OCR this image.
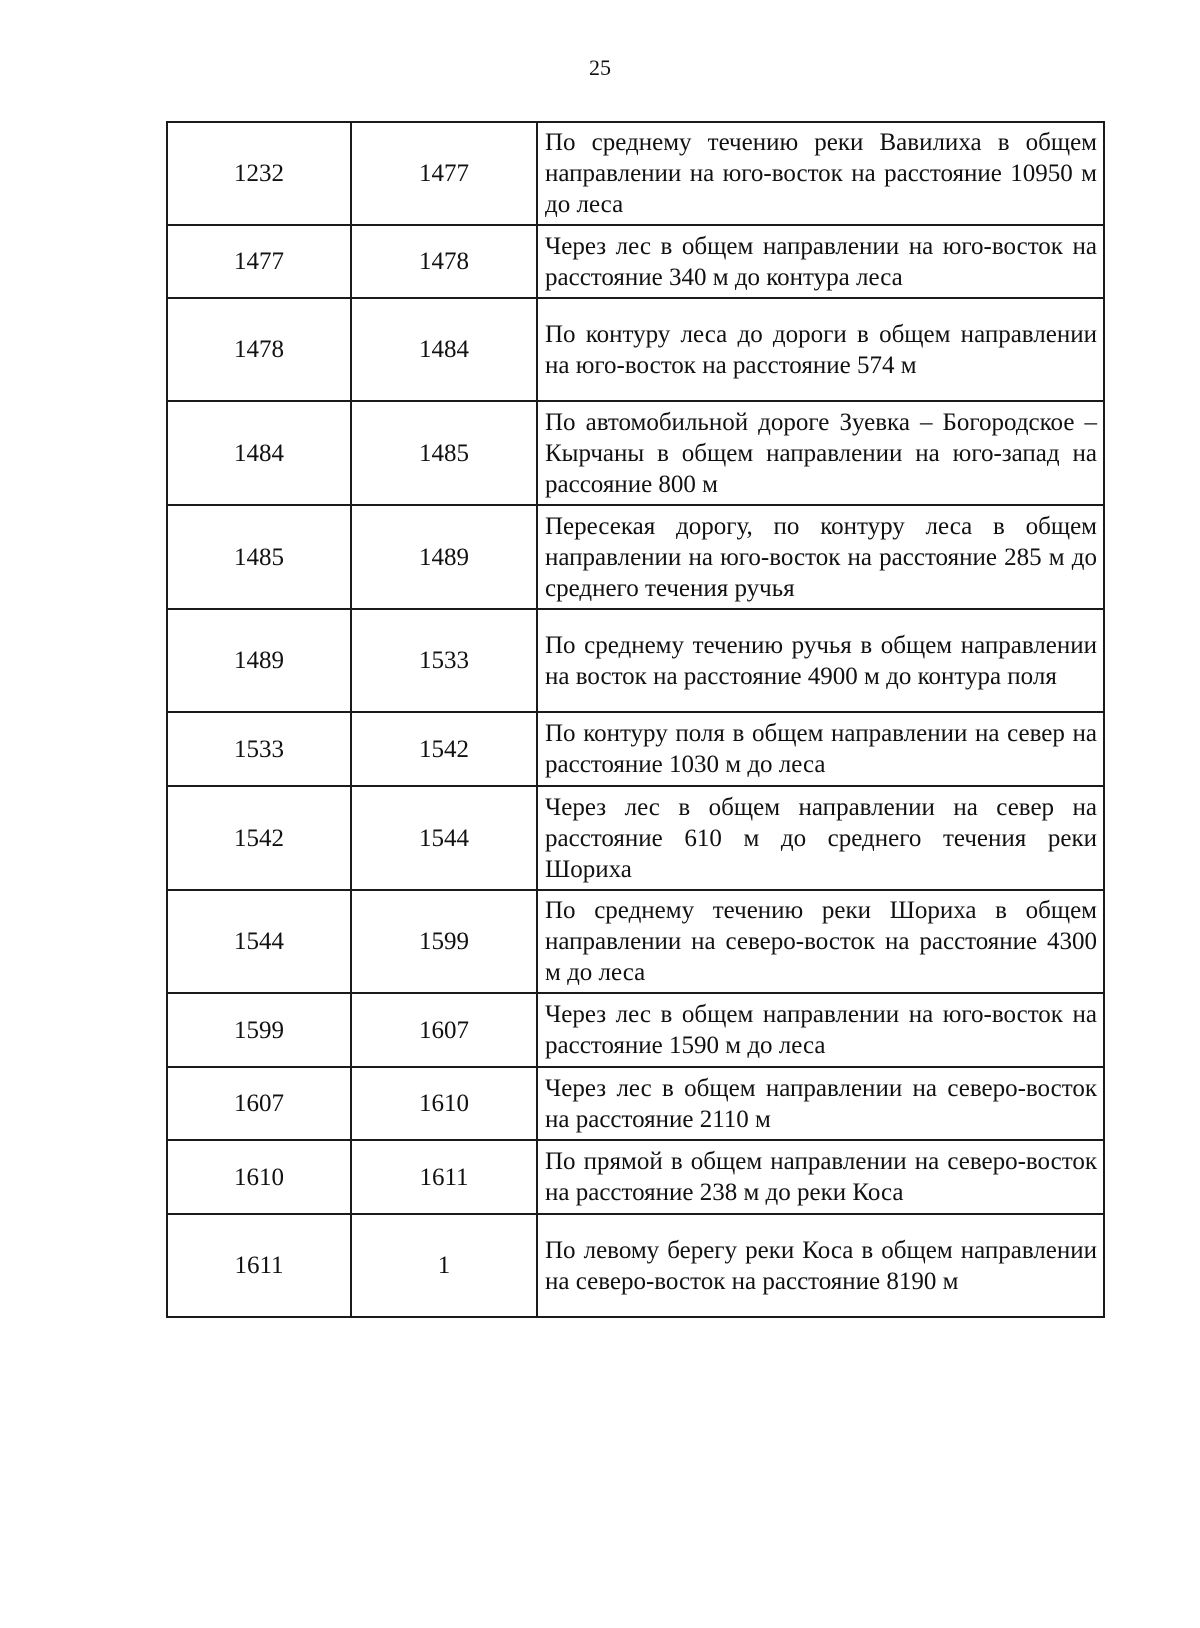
25
1232	1477	По среднему течению реки Вавилиха в общем направлении на юго-восток на расстояние 10950 м до леса
1477	1478	Через лес в общем направлении на юго-восток на расстояние 340 м до контура леса
1478	1484	По контуру леса до дороги в общем направлении на юго-восток на расстояние 574 м
1484	1485	По автомобильной дороге Зуевка – Богородское – Кырчаны в общем направлении на юго-запад на рассояние 800 м
1485	1489	Пересекая дорогу, по контуру леса в общем направлении на юго-восток на расстояние 285 м до среднего течения ручья
1489	1533	По среднему течению ручья в общем направлении на восток на расстояние 4900 м до контура поля
1533	1542	По контуру поля в общем направлении на север на расстояние 1030 м до леса
1542	1544	Через лес в общем направлении на север на расстояние 610 м до среднего течения реки Шориха
1544	1599	По среднему течению реки Шориха в общем направлении на северо-восток на расстояние 4300 м до леса
1599	1607	Через лес в общем направлении на юго-восток на расстояние 1590 м до леса
1607	1610	Через лес в общем направлении на северо-восток на расстояние 2110 м
1610	1611	По прямой в общем направлении на северо-восток на расстояние 238 м до реки Коса
1611	1	По левому берегу реки Коса в общем направлении на северо-восток на расстояние 8190 м
